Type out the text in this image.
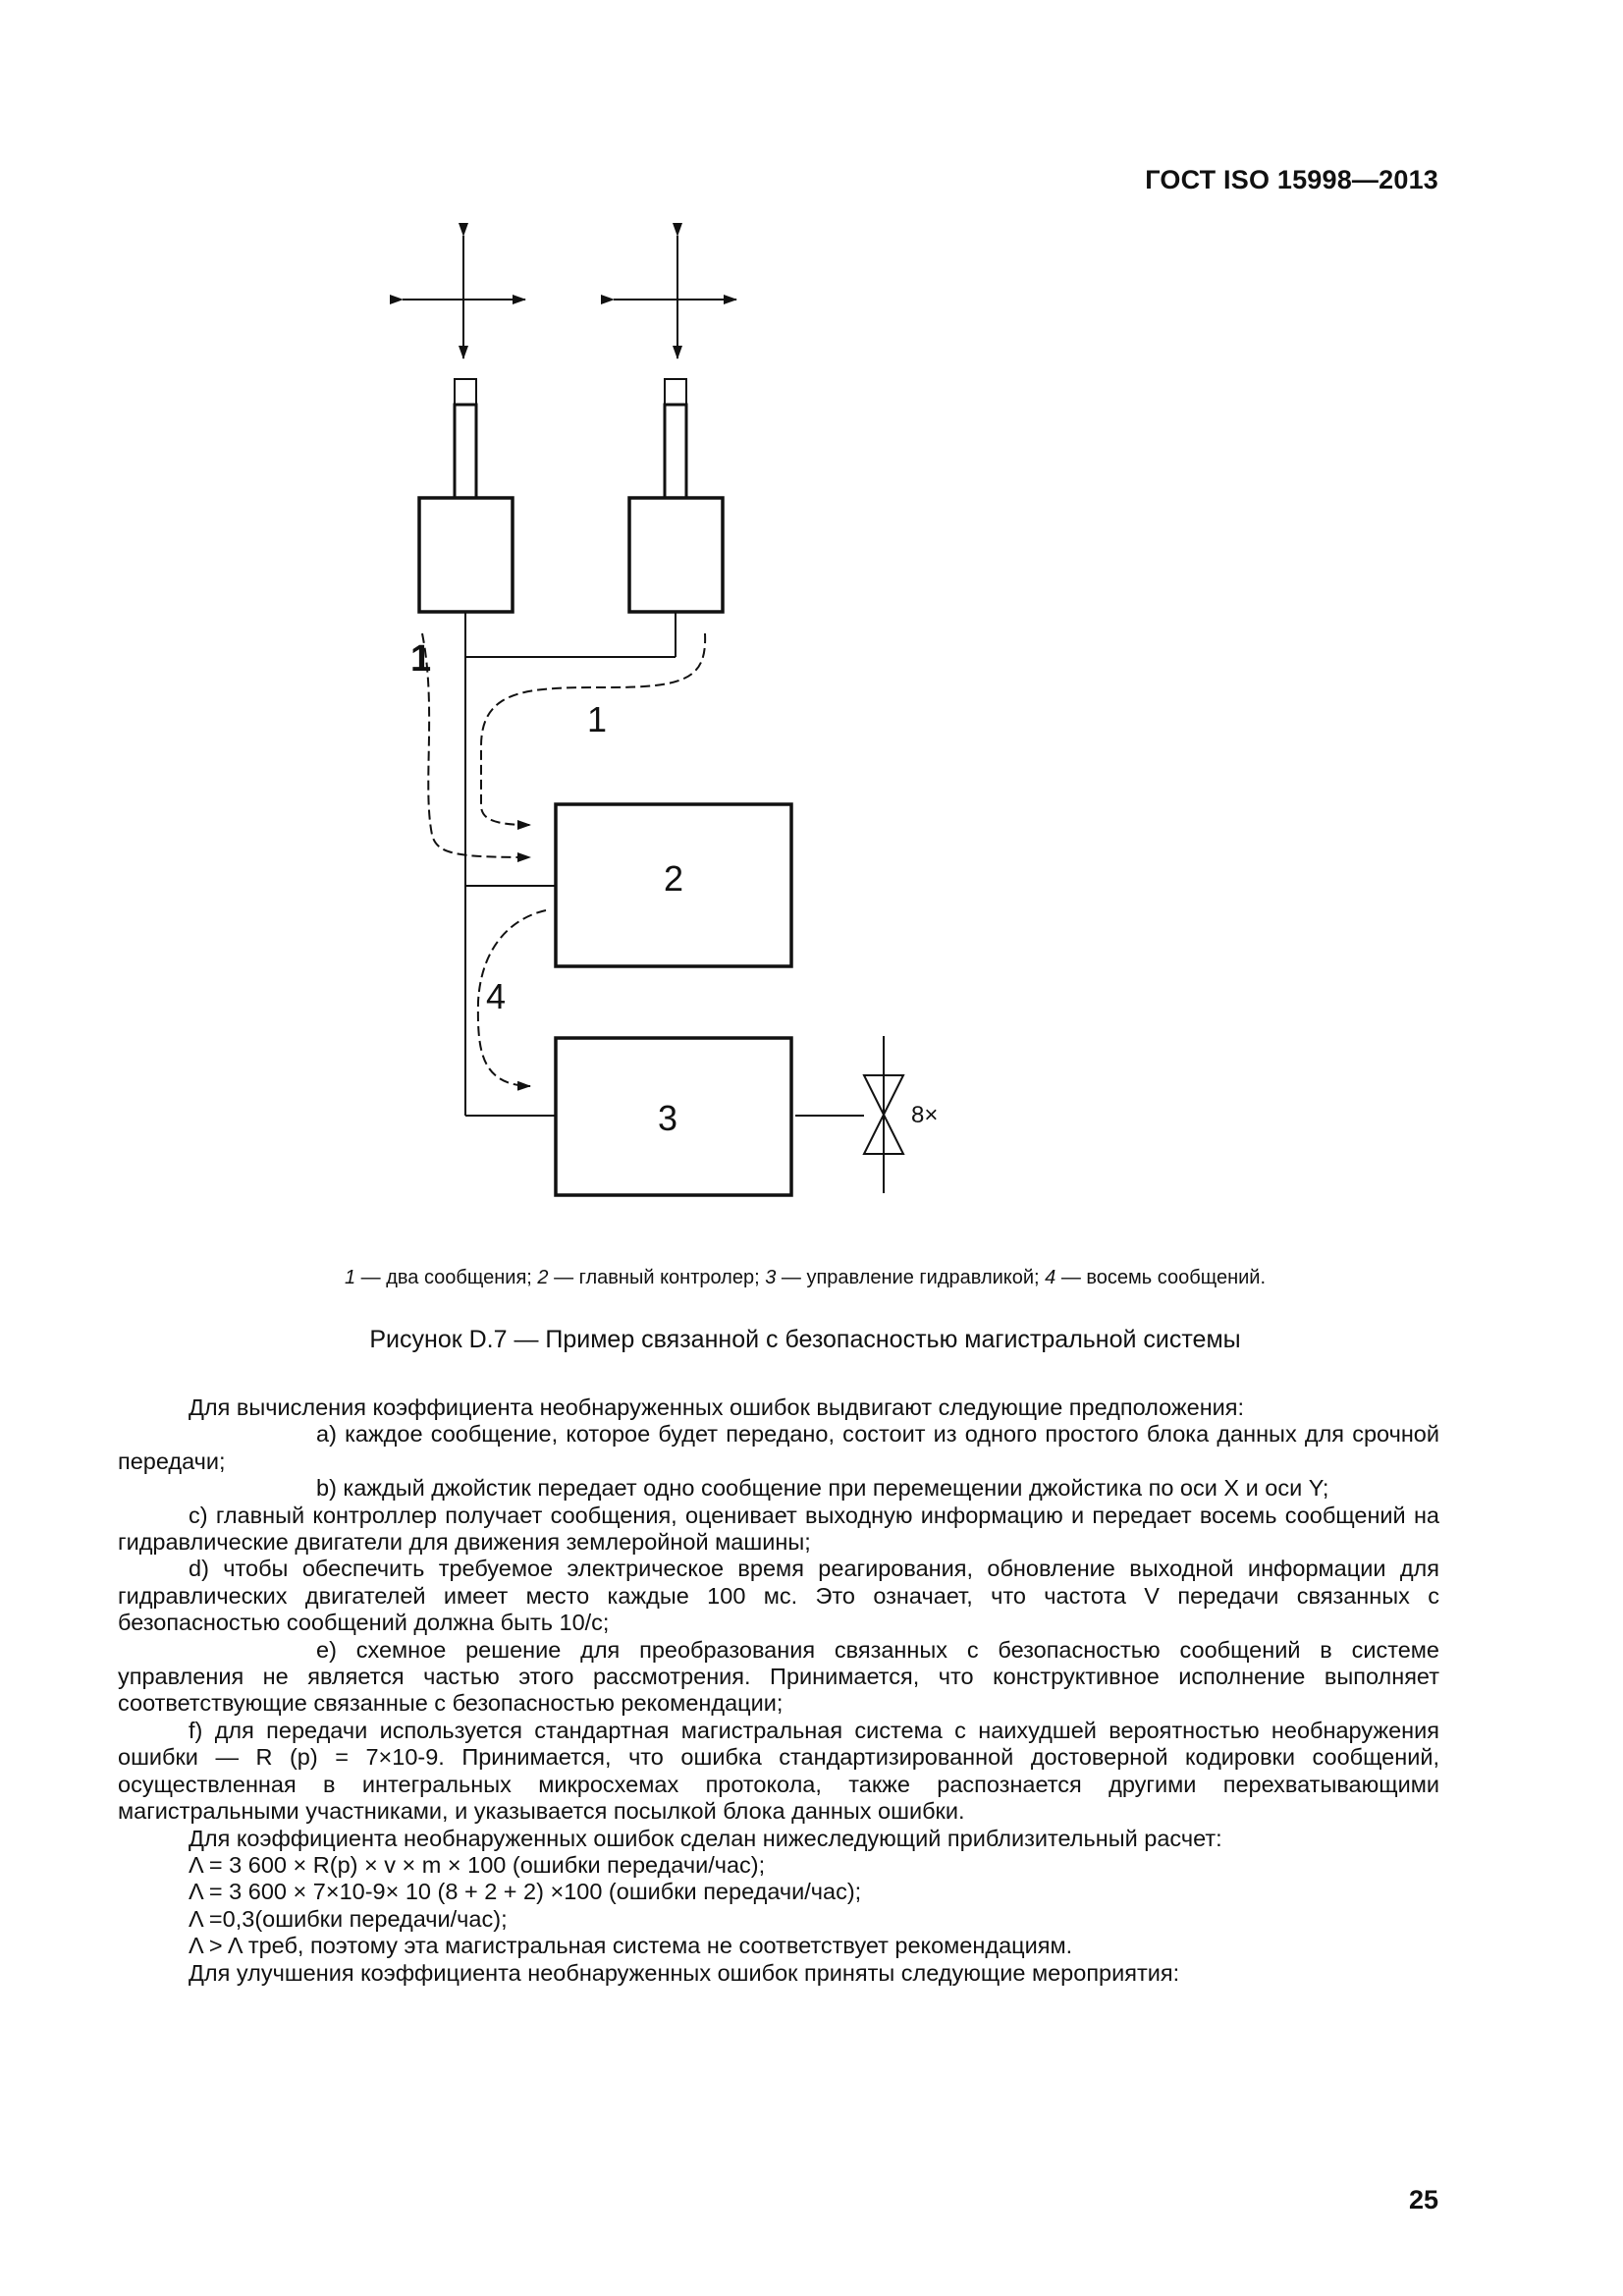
ГОСТ ISO 15998—2013
2
3
1
1
4
8×
1 — два сообщения; 2 — главный контролер; 3 — управление гидравликой; 4 — восемь сообщений.
Рисунок D.7 — Пример связанной с безопасностью магистральной системы

Для вычисления коэффициента необнаруженных ошибок выдвигают следующие предположения:

a) каждое сообщение, которое будет передано, состоит из одного простого блока данных для срочной передачи;

b) каждый джойстик передает одно сообщение при перемещении джойстика по оси X и оси Y;

c) главный контроллер получает сообщения, оценивает выходную информацию и передает восемь сообщений на гидравлические двигатели для движения землеройной машины;

d) чтобы обеспечить требуемое электрическое время реагирования, обновление выходной информации для гидравлических двигателей имеет место каждые 100 мс. Это означает, что частота V передачи связанных с безопасностью сообщений должна быть 10/с;

e) схемное решение для преобразования связанных с безопасностью сообщений в системе управления не является частью этого рассмотрения. Принимается, что конструктивное исполнение выполняет соответствующие связанные с безопасностью рекомендации;

f) для передачи используется стандартная магистральная система с наихудшей вероятностью необнаружения ошибки — R (p) = 7×10-9. Принимается, что ошибка стандартизированной достоверной кодировки сообщений, осуществленная в интегральных микросхемах протокола, также распознается другими перехватывающими магистральными участниками, и указывается посылкой блока данных ошибки.

Для коэффициента необнаруженных ошибок сделан нижеследующий приблизительный расчет:

Λ = 3 600 × R(p) × v × m × 100 (ошибки передачи/час);

Λ = 3 600 × 7×10-9× 10 (8 + 2 + 2) ×100 (ошибки передачи/час);

Λ =0,3(ошибки передачи/час);

Λ > Λ треб, поэтому эта магистральная система не соответствует рекомендациям.

Для улучшения коэффициента необнаруженных ошибок приняты следующие мероприятия:

25
